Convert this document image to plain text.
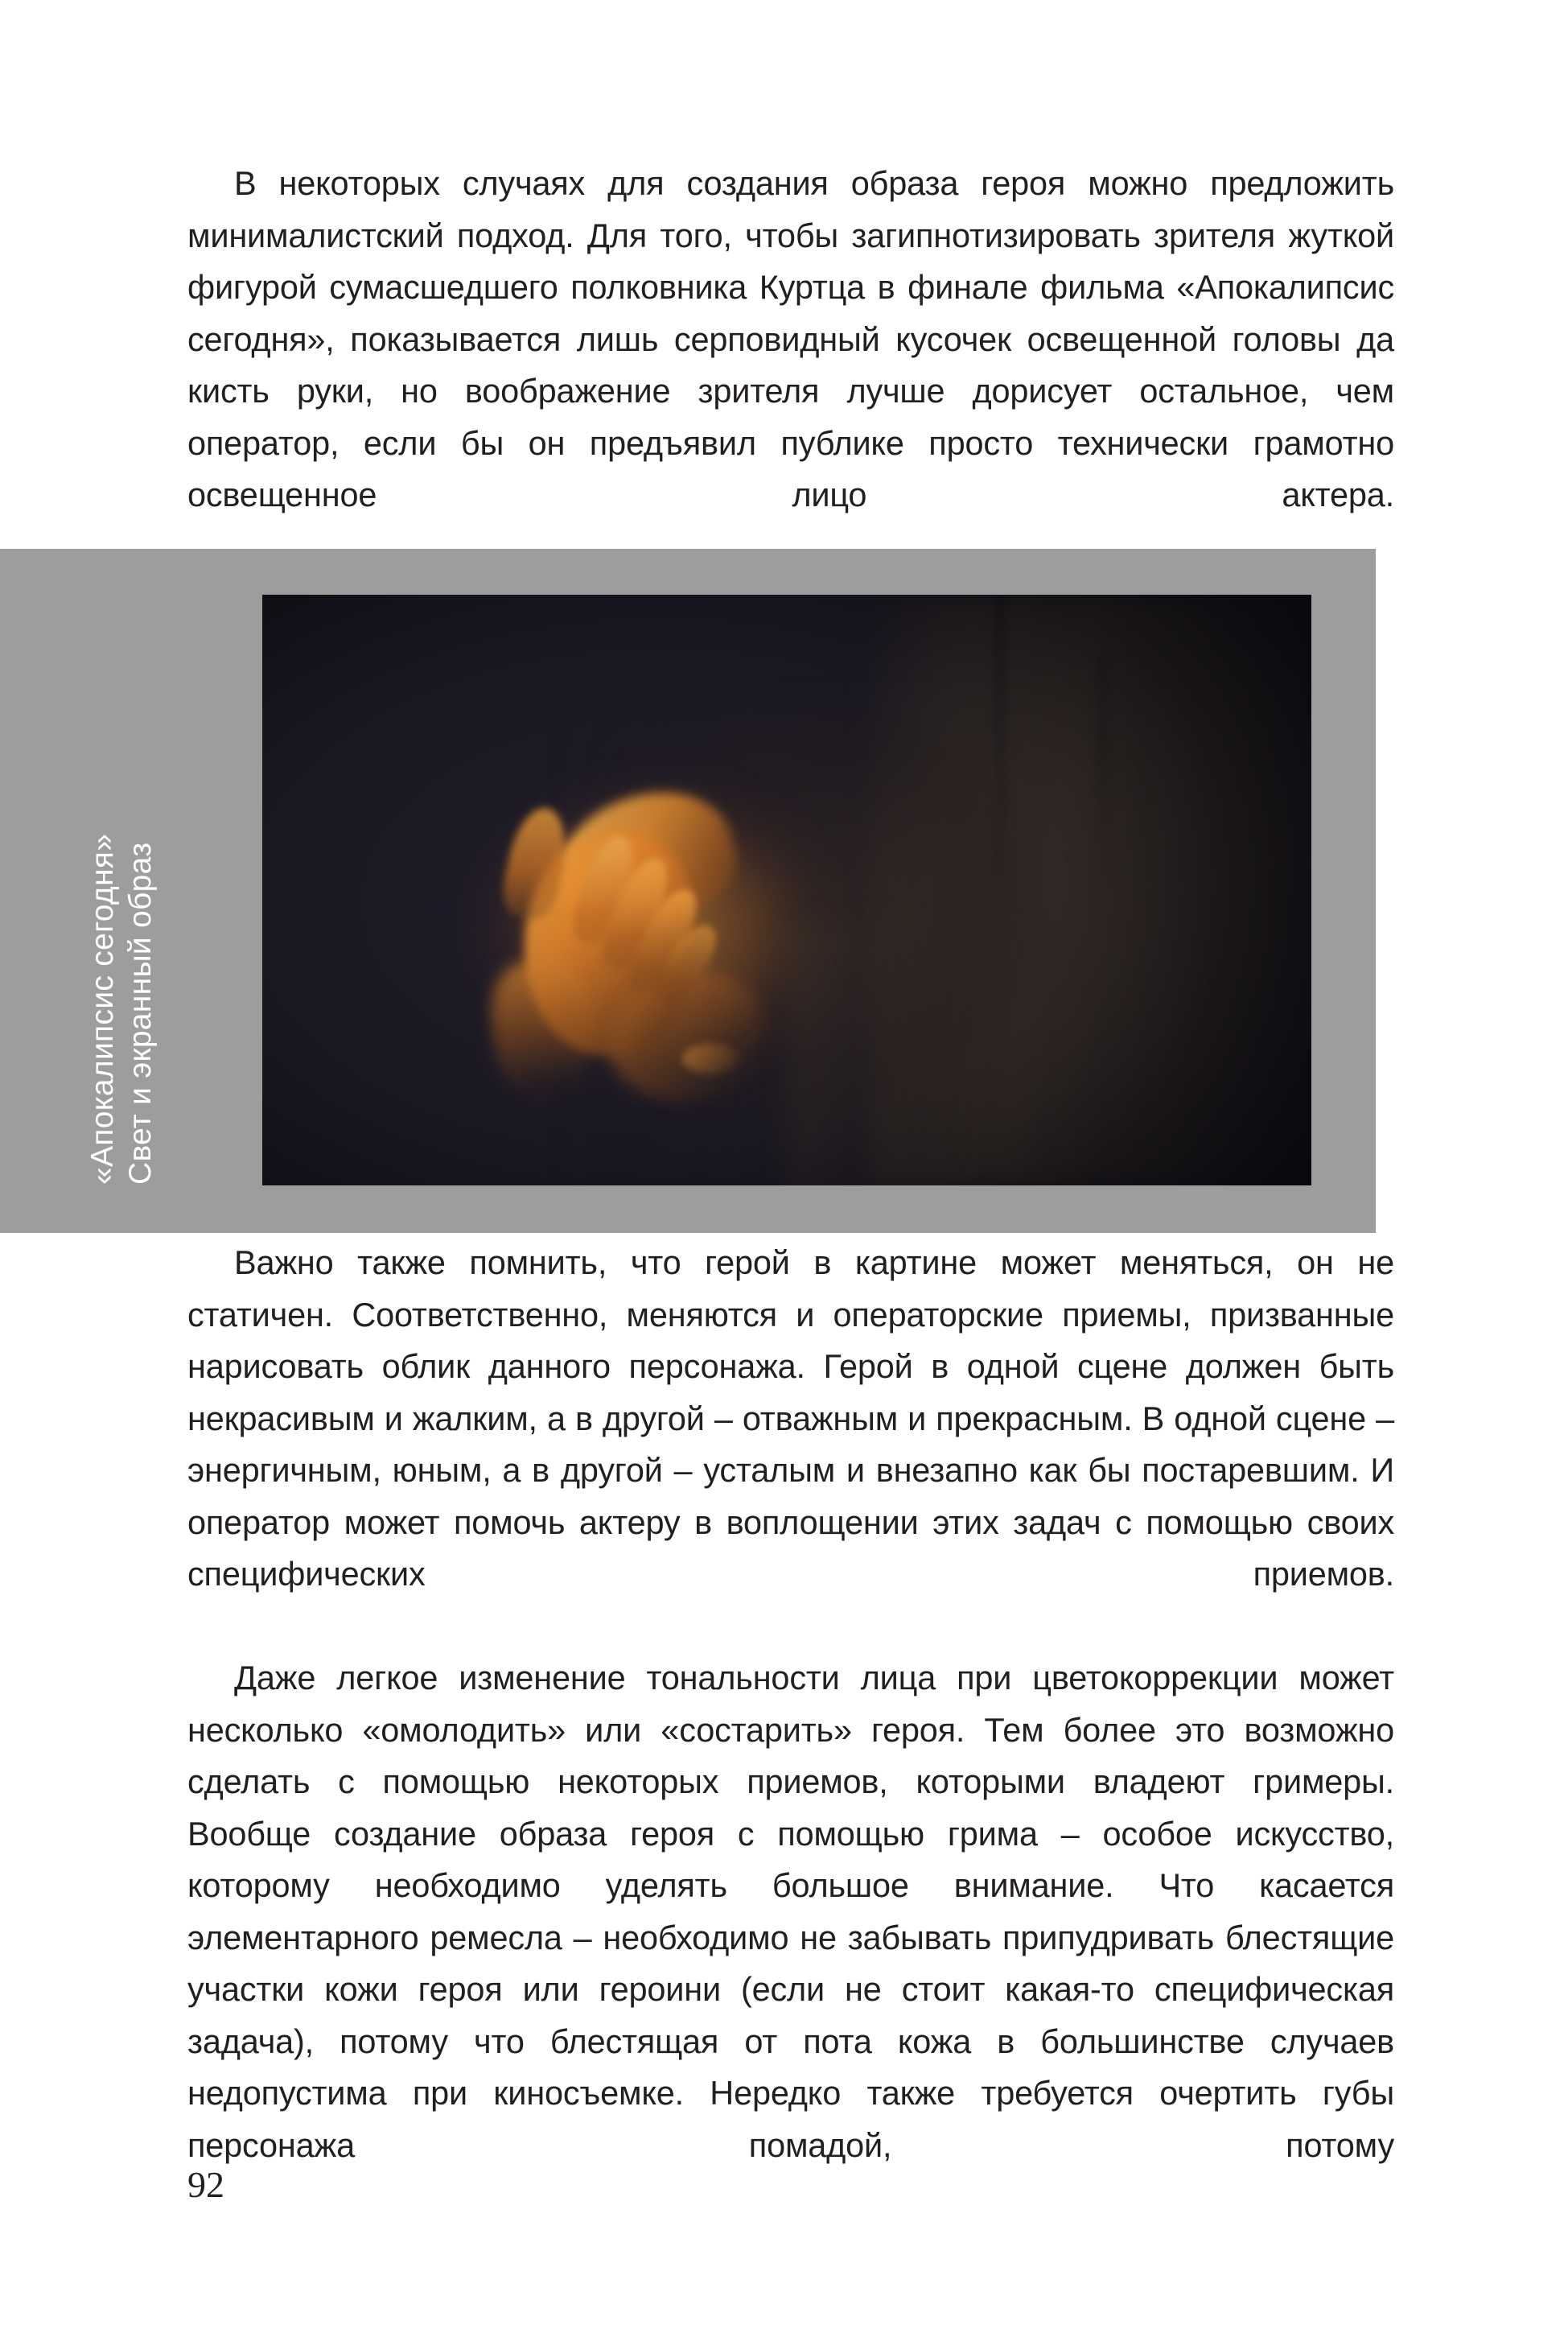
В некоторых случаях для создания образа героя можно предложить минималистский подход. Для того, чтобы загипнотизировать зрителя жуткой фигурой сумасшедшего полковника Куртца в финале фильма «Апокалипсис сегодня», показывается лишь серповидный кусочек освещенной головы да кисть руки, но воображение зрителя лучше дорисует остальное, чем оператор, если бы он предъявил публике просто технически грамотно освещенное лицо актера.

«Апокалипсис сегодня» Свет и экранный образ

Важно также помнить, что герой в картине может меняться, он не статичен. Соответственно, меняются и операторские приемы, призванные нарисовать облик данного персонажа. Герой в одной сцене должен быть некрасивым и жалким, а в другой – отважным и прекрасным. В одной сцене – энергичным, юным, а в другой – усталым и внезапно как бы постаревшим. И оператор может помочь актеру в воплощении этих задач с помощью своих специфических приемов.

Даже легкое изменение тональности лица при цветокоррекции может несколько «омолодить» или «состарить» героя. Тем более это возможно сделать с помощью некоторых приемов, которыми владеют гримеры. Вообще создание образа героя с помощью грима – особое искусство, которому необходимо уделять большое внимание. Что касается элементарного ремесла – необходимо не забывать припудривать блестящие участки кожи героя или героини (если не стоит какая-то специфическая задача), потому что блестящая от пота кожа в большинстве случаев недопустима при киносъемке. Нередко также требуется очертить губы персонажа помадой, потому

92
